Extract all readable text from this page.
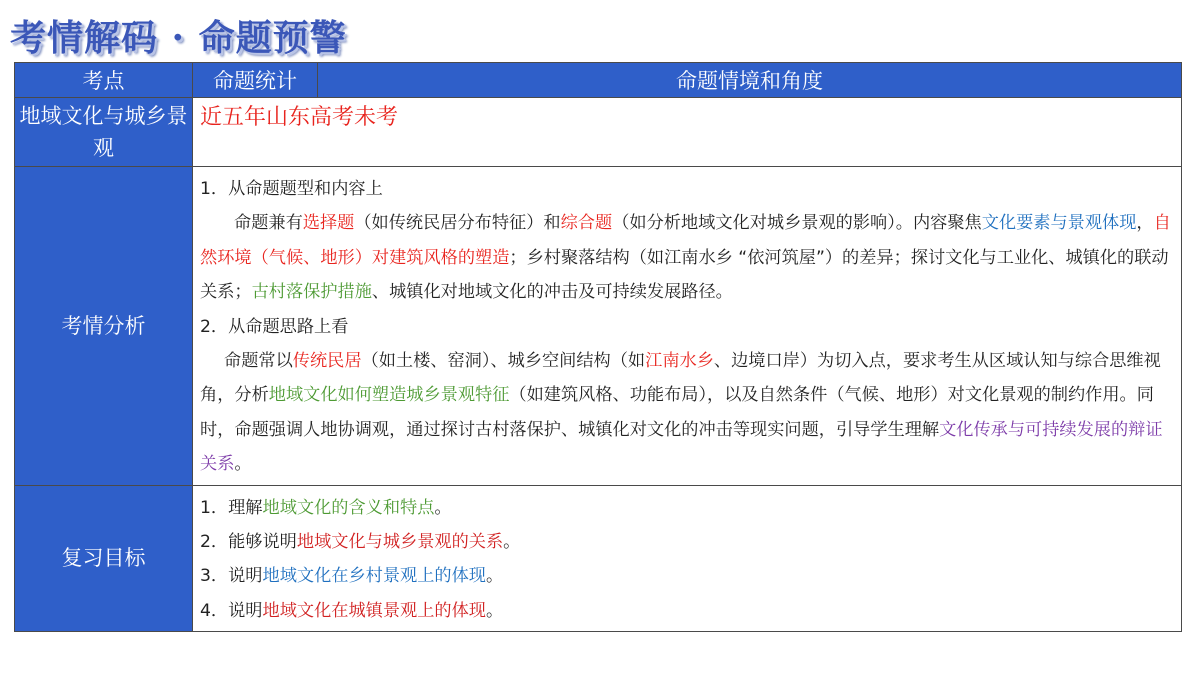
考情解码 · 命题预警
考点	命题统计	命题情境和角度
地域文化与城乡景观	近五年山东高考未考	
考情分析	1．从命题题型和内容上
命题兼有选择题（如传统民居分布特征）和综合题（如分析地域文化对城乡景观的影响）。内容聚焦文化要素与景观体现，自然环境（气候、地形）对建筑风格的塑造；乡村聚落结构（如江南水乡 “依河筑屋”）的差异；探讨文化与工业化、城镇化的联动关系；古村落保护措施、城镇化对地域文化的冲击及可持续发展路径。
2．从命题思路上看
命题常以传统民居（如土楼、窑洞）、城乡空间结构（如江南水乡、边境口岸）为切入点，要求考生从区域认知与综合思维视角，分析地域文化如何塑造城乡景观特征（如建筑风格、功能布局），以及自然条件（气候、地形）对文化景观的制约作用。同时，命题强调人地协调观，通过探讨古村落保护、城镇化对文化的冲击等现实问题，引导学生理解文化传承与可持续发展的辩证关系。	

复习目标	1．理解地域文化的含义和特点。
2．能够说明地域文化与城乡景观的关系。
3．说明地域文化在乡村景观上的体现。
4．说明地域文化在城镇景观上的体现。	
